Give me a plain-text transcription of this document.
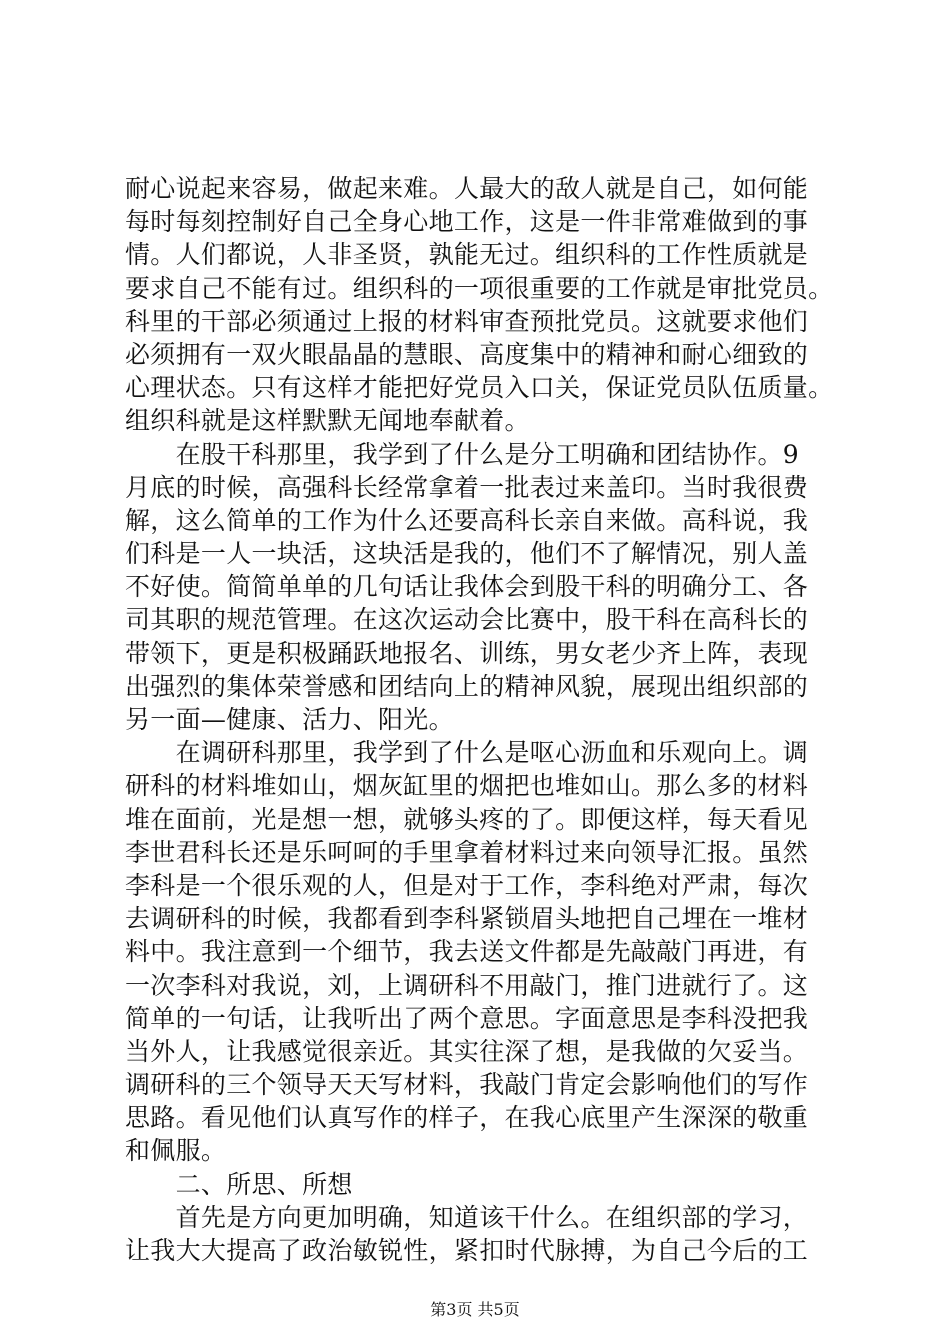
耐心说起来容易，做起来难。人最大的敌人就是自己，如何能
每时每刻控制好自己全身心地工作，这是一件非常难做到的事
情。人们都说，人非圣贤，孰能无过。组织科的工作性质就是
要求自己不能有过。组织科的一项很重要的工作就是审批党员。
科里的干部必须通过上报的材料审查预批党员。这就要求他们
必须拥有一双火眼晶晶的慧眼、高度集中的精神和耐心细致的
心理状态。只有这样才能把好党员入口关，保证党员队伍质量。
组织科就是这样默默无闻地奉献着。
　　在股干科那里，我学到了什么是分工明确和团结协作。9
月底的时候，高强科长经常拿着一批表过来盖印。当时我很费
解，这么简单的工作为什么还要高科长亲自来做。高科说，我
们科是一人一块活，这块活是我的，他们不了解情况，别人盖
不好使。简简单单的几句话让我体会到股干科的明确分工、各
司其职的规范管理。在这次运动会比赛中，股干科在高科长的
带领下，更是积极踊跃地报名、训练，男女老少齐上阵，表现
出强烈的集体荣誉感和团结向上的精神风貌，展现出组织部的
另一面—健康、活力、阳光。
　　在调研科那里，我学到了什么是呕心沥血和乐观向上。调
研科的材料堆如山，烟灰缸里的烟把也堆如山。那么多的材料
堆在面前，光是想一想，就够头疼的了。即便这样，每天看见
李世君科长还是乐呵呵的手里拿着材料过来向领导汇报。虽然
李科是一个很乐观的人，但是对于工作，李科绝对严肃，每次
去调研科的时候，我都看到李科紧锁眉头地把自己埋在一堆材
料中。我注意到一个细节，我去送文件都是先敲敲门再进，有
一次李科对我说，刘，上调研科不用敲门，推门进就行了。这
简单的一句话，让我听出了两个意思。字面意思是李科没把我
当外人，让我感觉很亲近。其实往深了想，是我做的欠妥当。
调研科的三个领导天天写材料，我敲门肯定会影响他们的写作
思路。看见他们认真写作的样子，在我心底里产生深深的敬重
和佩服。
　　二、所思、所想
　　首先是方向更加明确，知道该干什么。在组织部的学习，
让我大大提高了政治敏锐性，紧扣时代脉搏，为自己今后的工
第3页 共5页
